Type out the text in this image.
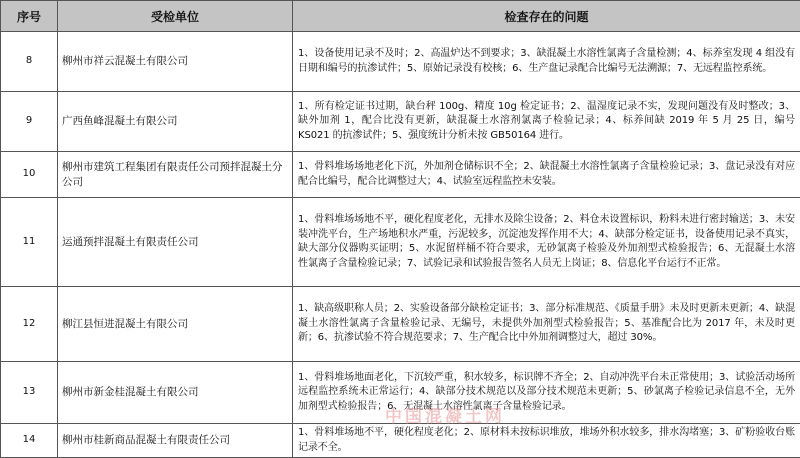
序号	受检单位	检查存在的问题
8	柳州市祥云混凝土有限公司	1、设备使用记录不及时；2、高温炉达不到要求；3、缺混凝土水溶性氯离子含量检测；4、标养室发现 4 组没有日期和编号的抗渗试件；5、原始记录没有校核；6、生产盘记录配合比编号无法溯源；7、无远程监控系统。
9	广西鱼峰混凝土有限公司	1、所有检定证书过期，缺台秤 100g、精度 10g 检定证书；2、温湿度记录不实，发现问题没有及时整改；3、缺外加剂 1，配合比没有更新，缺混凝土水溶剂氯离子检验记录；4、标养间缺 2019 年 5 月 25 日，编号 KS021 的抗渗试件；5、强度统计分析未按 GB50164 进行。
10	柳州市建筑工程集团有限责任公司预拌混凝土分公司	1、骨料堆场场地老化下沉，外加剂仓储标识不全；2、缺混凝土水溶性氯离子含量检验记录；3、盘记录没有对应配合比编号，配合比调整过大；4、试验室远程监控未安装。
11	运通预拌混凝土有限责任公司	1、骨料堆场场地不平，硬化程度老化，无排水及除尘设备；2、料仓未设置标识，粉料未进行密封输送；3、未安装冲洗平台，生产场地积水严重，污泥较多，沉淀池发挥作用不大；4、缺部分检定证书，设备使用记录不真实，缺大部分仪器购买证明；5、水泥留样桶不符合要求，无砂氯离子检验及外加剂型式检验报告；6、无混凝土水溶性氯离子含量检验记录；7、试验记录和试验报告签名人员无上岗证；8、信息化平台运行不正常。
12	柳江县恒进混凝土有限公司	1、缺高级职称人员；2、实验设备部分缺检定证书；3、部分标准规范、《质量手册》未及时更新未更新；4、缺混凝土水溶性氯离子含量检验记录、无编号，未提供外加剂型式检验报告；5、基准配合比为 2017 年，未及时更新；6、抗渗试验不符合规范要求；7、生产配合比中外加剂调整过大，超过 30%。
13	柳州市新金桂混凝土有限公司	1、骨料堆场地面老化，下沉较严重，积水较多，标识牌不齐全；2、自动冲洗平台未正常使用；3、试验活动场所远程监控系统未正常运行；4、缺部分技术规范以及部分技术规范未更新；5、砂氯离子检验记录信息不全，无外加剂型式检验报告；6、无混凝土水溶性氯离子含量检验记录。
14	柳州市桂新商品混凝土有限责任公司	1、骨料堆场地不平，硬化程度老化；2、原材料未按标识堆放，堆场外积水较多，排水沟堵塞；3、矿粉验收台账记录不全。
中国混凝土网
